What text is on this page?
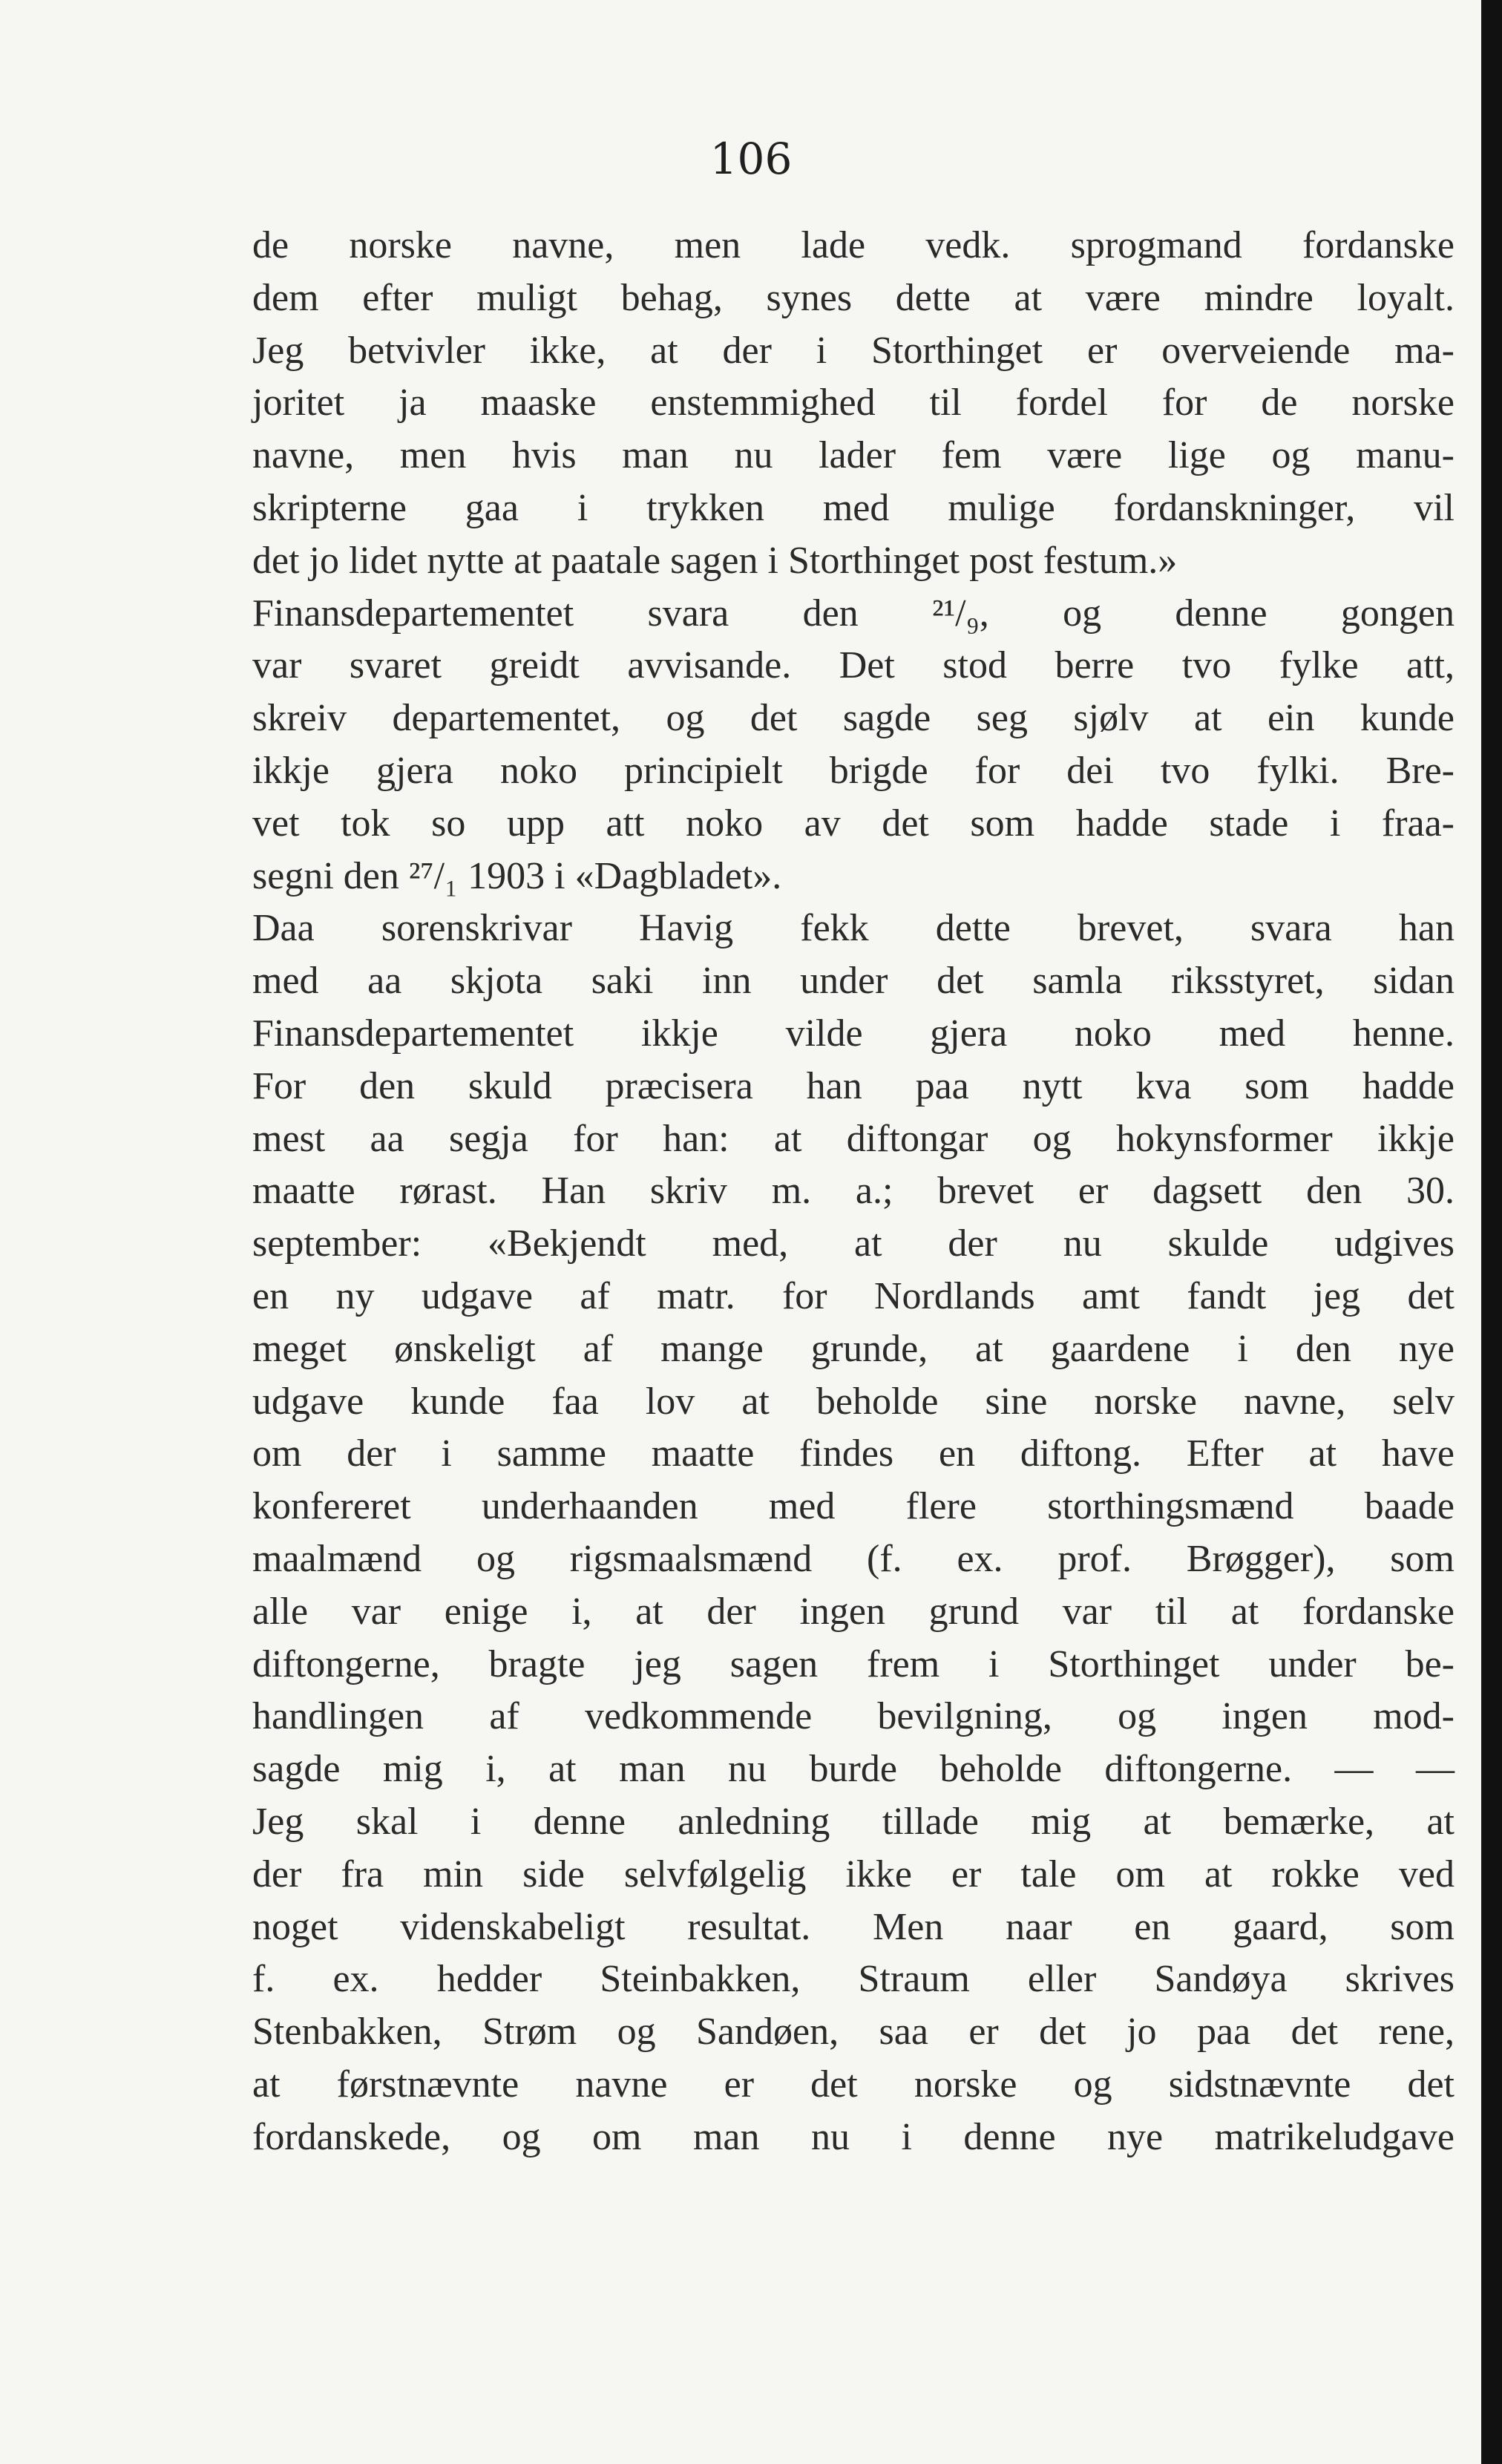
106
de norske navne, men lade vedk. sprogmand fordanske
dem efter muligt behag, synes dette at være mindre loyalt.
Jeg betvivler ikke, at der i Storthinget er overveiende ma-
joritet ja maaske enstemmighed til fordel for de norske
navne, men hvis man nu lader fem være lige og manu-
skripterne gaa i trykken med mulige fordanskninger, vil
det jo lidet nytte at paatale sagen i Storthinget post festum.»
Finansdepartementet svara den ²¹/₉, og denne gongen
var svaret greidt avvisande. Det stod berre tvo fylke att,
skreiv departementet, og det sagde seg sjølv at ein kunde
ikkje gjera noko principielt brigde for dei tvo fylki. Bre-
vet tok so upp att noko av det som hadde stade i fraa-
segni den ²⁷/₁ 1903 i «Dagbladet».
Daa sorenskrivar Havig fekk dette brevet, svara han
med aa skjota saki inn under det samla riksstyret, sidan
Finansdepartementet ikkje vilde gjera noko med henne.
For den skuld præcisera han paa nytt kva som hadde
mest aa segja for han: at diftongar og hokynsformer ikkje
maatte rørast. Han skriv m. a.; brevet er dagsett den 30.
september: «Bekjendt med, at der nu skulde udgives
en ny udgave af matr. for Nordlands amt fandt jeg det
meget ønskeligt af mange grunde, at gaardene i den nye
udgave kunde faa lov at beholde sine norske navne, selv
om der i samme maatte findes en diftong. Efter at have
konfereret underhaanden med flere storthingsmænd baade
maalmænd og rigsmaalsmænd (f. ex. prof. Brøgger), som
alle var enige i, at der ingen grund var til at fordanske
diftongerne, bragte jeg sagen frem i Storthinget under be-
handlingen af vedkommende bevilgning, og ingen mod-
sagde mig i, at man nu burde beholde diftongerne. — —
Jeg skal i denne anledning tillade mig at bemærke, at
der fra min side selvfølgelig ikke er tale om at rokke ved
noget videnskabeligt resultat. Men naar en gaard, som
f. ex. hedder Steinbakken, Straum eller Sandøya skrives
Stenbakken, Strøm og Sandøen, saa er det jo paa det rene,
at førstnævnte navne er det norske og sidstnævnte det
fordanskede, og om man nu i denne nye matrikeludgave
